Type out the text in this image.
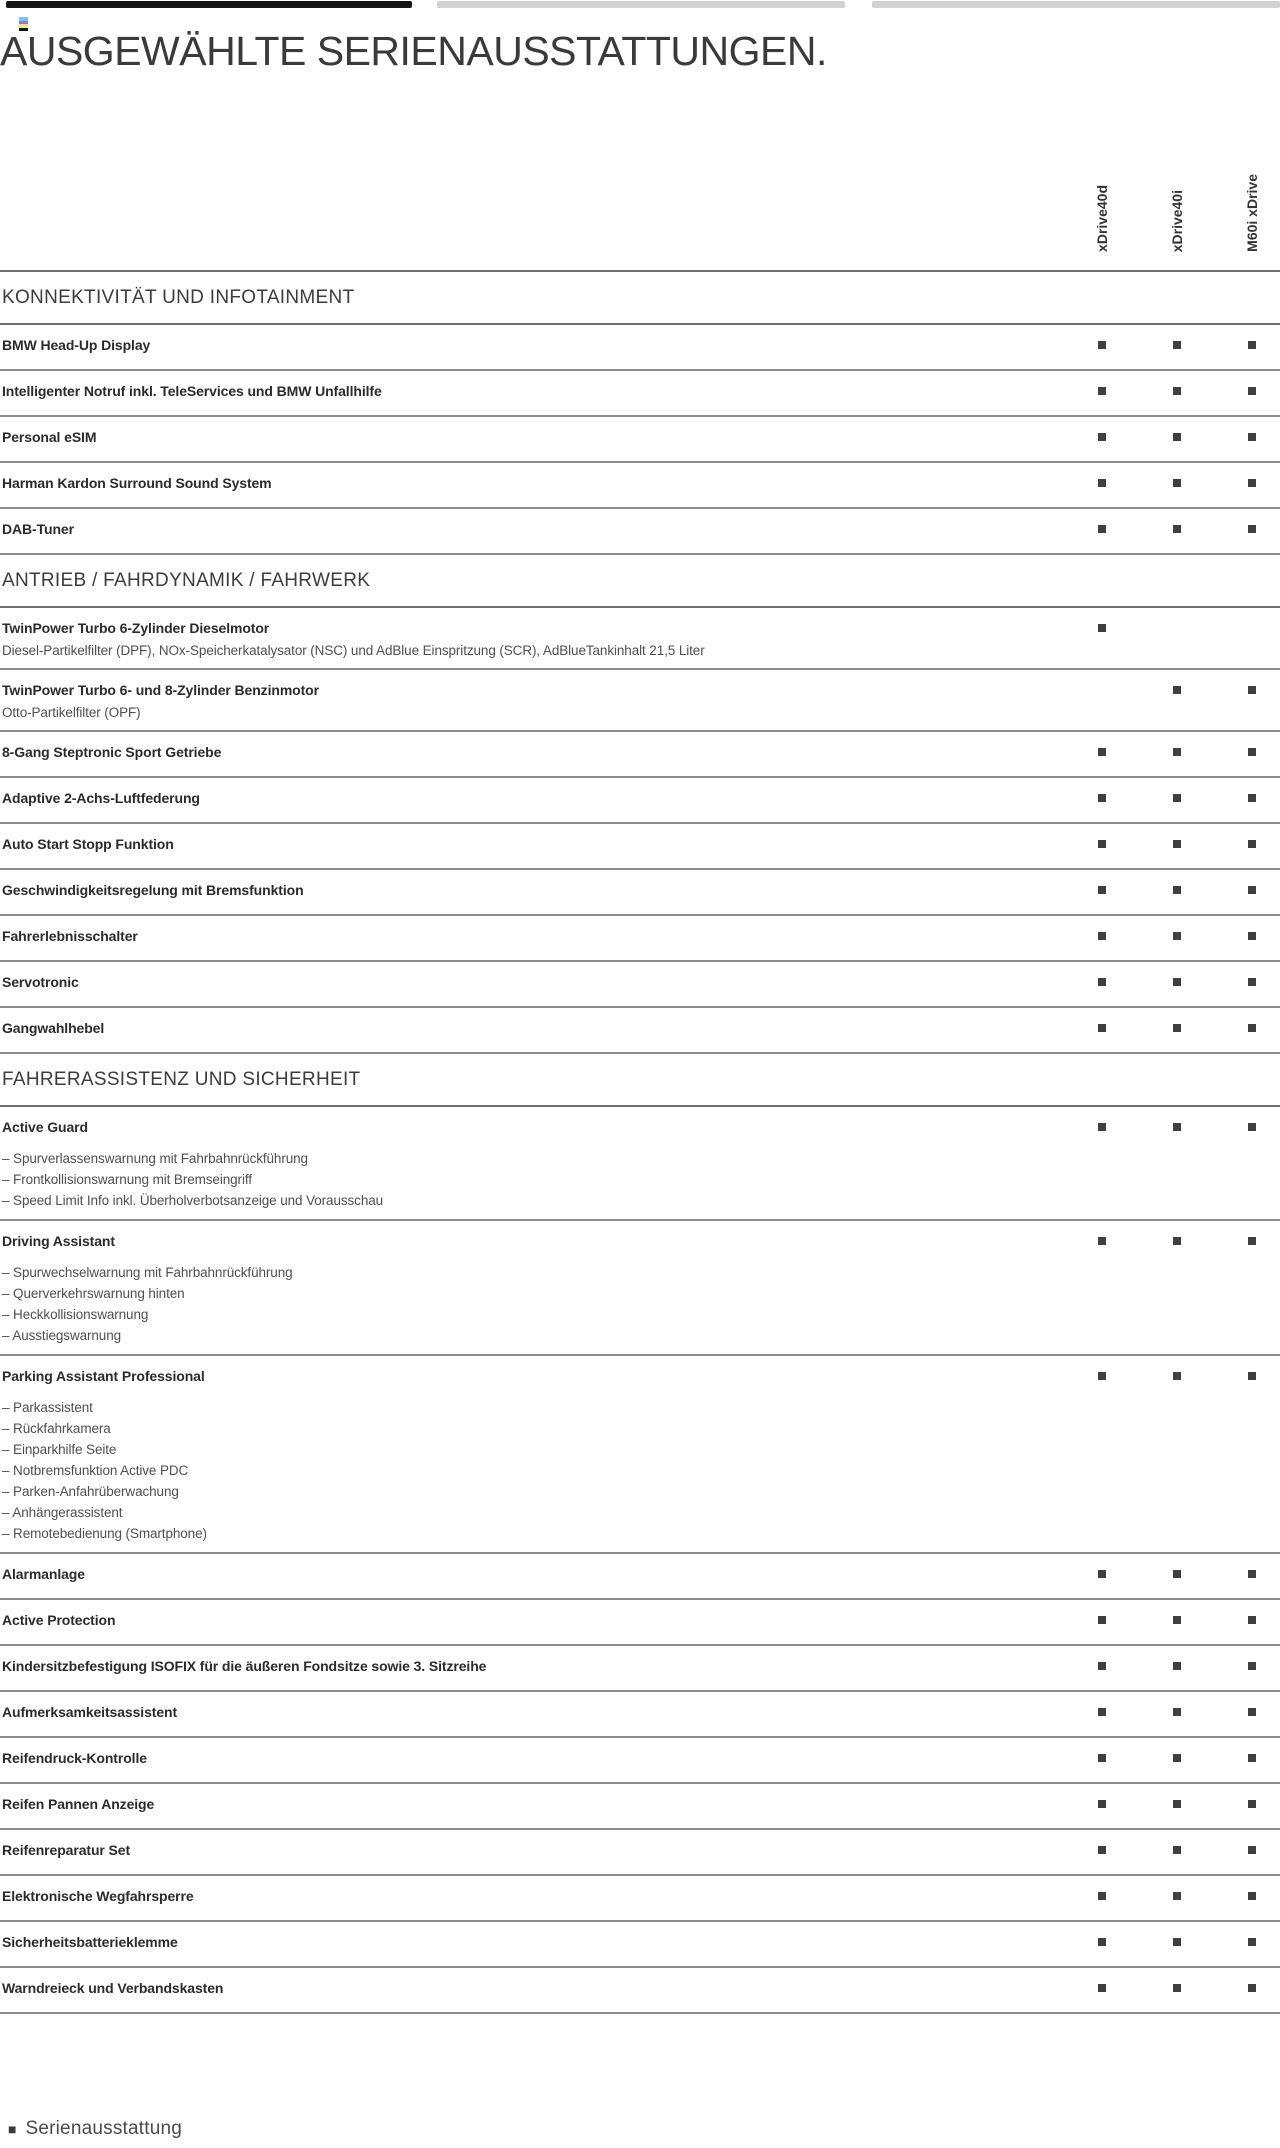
AUSGEWÄHLTE SERIENAUSSTATTUNGEN.
xDrive40d	xDrive40i	M60i xDrive
KONNEKTIVITÄT UND INFOTAINMENT
BMW Head-Up Display
Intelligenter Notruf inkl. TeleServices und BMW Unfallhilfe
Personal eSIM
Harman Kardon Surround Sound System
DAB-Tuner
ANTRIEB / FAHRDYNAMIK / FAHRWERK
TwinPower Turbo 6-Zylinder Dieselmotor
Diesel-Partikelfilter (DPF), NOx-Speicherkatalysator (NSC) und AdBlue Einspritzung (SCR), AdBlueTankinhalt 21,5 Liter
TwinPower Turbo 6- und 8-Zylinder Benzinmotor
Otto-Partikelfilter (OPF)
8-Gang Steptronic Sport Getriebe
Adaptive 2-Achs-Luftfederung
Auto Start Stopp Funktion
Geschwindigkeitsregelung mit Bremsfunktion
Fahrerlebnisschalter
Servotronic
Gangwahlhebel
FAHRERASSISTENZ UND SICHERHEIT
Active Guard
– Spurverlassenswarnung mit Fahrbahnrückführung
– Frontkollisionswarnung mit Bremseingriff
– Speed Limit Info inkl. Überholverbotsanzeige und Vorausschau
Driving Assistant
– Spurwechselwarnung mit Fahrbahnrückführung
– Querverkehrswarnung hinten
– Heckkollisionswarnung
– Ausstiegswarnung
Parking Assistant Professional
– Parkassistent
– Rückfahrkamera
– Einparkhilfe Seite
– Notbremsfunktion Active PDC
– Parken-Anfahrüberwachung
– Anhängerassistent
– Remotebedienung (Smartphone)
Alarmanlage
Active Protection
Kindersitzbefestigung ISOFIX für die äußeren Fondsitze sowie 3. Sitzreihe
Aufmerksamkeitsassistent
Reifendruck-Kontrolle
Reifen Pannen Anzeige
Reifenreparatur Set
Elektronische Wegfahrsperre
Sicherheitsbatterieklemme
Warndreieck und Verbandskasten
■ Serienausstattung
